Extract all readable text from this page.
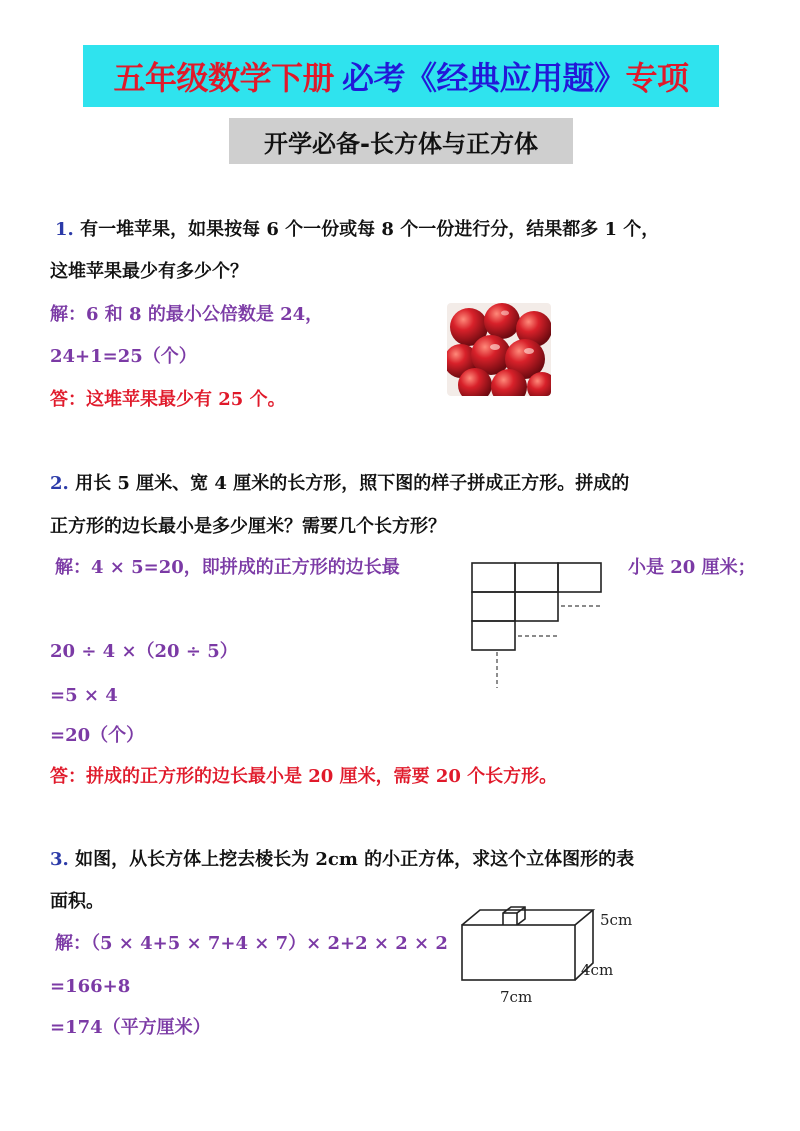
五年级数学下册 必考《经典应用题》 专项
开学必备-长方体与正方体
1. 有一堆苹果，如果按每 6 个一份或每 8 个一份进行分，结果都多 1 个，
这堆苹果最少有多少个？
解：6 和 8 的最小公倍数是 24，
24+1=25（个）
答：这堆苹果最少有 25 个。
2. 用长 5 厘米、宽 4 厘米的长方形，照下图的样子拼成正方形。拼成的
正方形的边长最小是多少厘米？需要几个长方形？
解：4 × 5=20，即拼成的正方形的边长最	小是 20 厘米；
20 ÷ 4 ×（20 ÷ 5）
=5 × 4
=20（个）
答：拼成的正方形的边长最小是 20 厘米，需要 20 个长方形。
3. 如图，从长方体上挖去棱长为 2cm 的小正方体，求这个立体图形的表
面积。
解：（5 × 4+5 × 7+4 × 7）× 2+2 × 2 × 2
=166+8
=174（平方厘米）
5cm
4cm
7cm
